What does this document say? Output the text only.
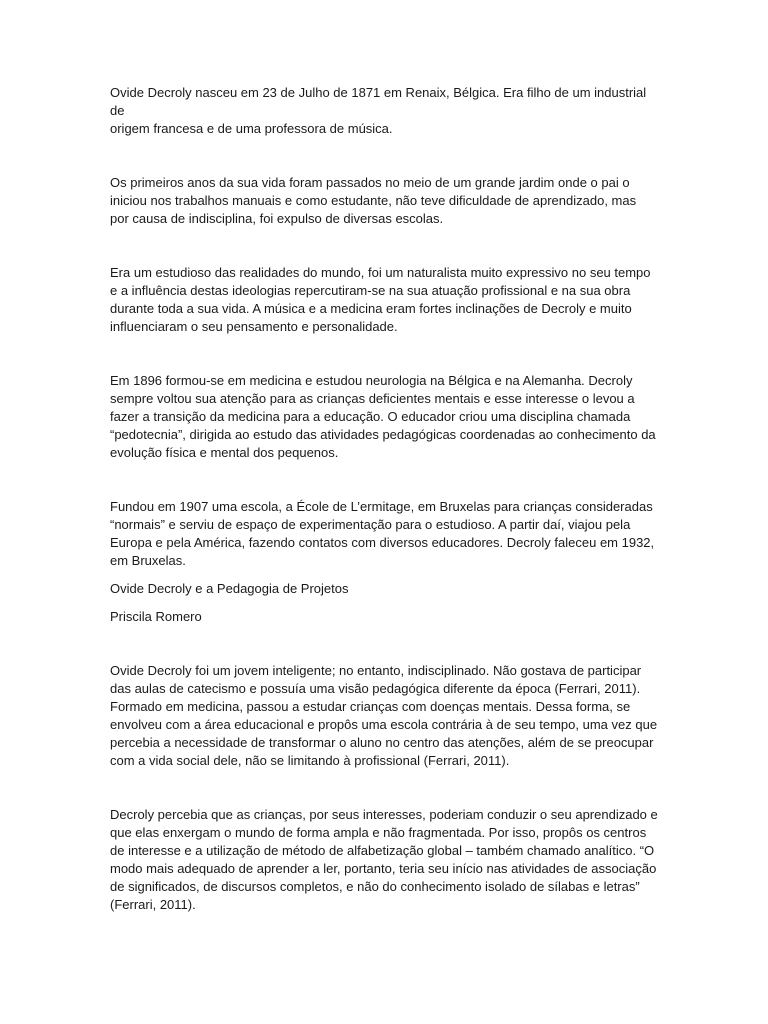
Ovide Decroly nasceu em 23 de Julho de 1871 em Renaix, Bélgica. Era filho de um industrial de
origem francesa e de uma professora de música.

Os primeiros anos da sua vida foram passados no meio de um grande jardim onde o pai o
iniciou nos trabalhos manuais e como estudante, não teve dificuldade de aprendizado, mas
por causa de indisciplina, foi expulso de diversas escolas.

Era um estudioso das realidades do mundo, foi um naturalista muito expressivo no seu tempo
e a influência destas ideologias repercutiram-se na sua atuação profissional e na sua obra
durante toda a sua vida. A música e a medicina eram fortes inclinações de Decroly e muito
influenciaram o seu pensamento e personalidade.

Em 1896 formou-se em medicina e estudou neurologia na Bélgica e na Alemanha. Decroly
sempre voltou sua atenção para as crianças deficientes mentais e esse interesse o levou a
fazer a transição da medicina para a educação. O educador criou uma disciplina chamada
“pedotecnia”, dirigida ao estudo das atividades pedagógicas coordenadas ao conhecimento da
evolução física e mental dos pequenos.

Fundou em 1907 uma escola, a École de L’ermitage, em Bruxelas para crianças consideradas
“normais” e serviu de espaço de experimentação para o estudioso. A partir daí, viajou pela
Europa e pela América, fazendo contatos com diversos educadores. Decroly faleceu em 1932,
em Bruxelas.

Ovide Decroly e a Pedagogia de Projetos

Priscila Romero

Ovide Decroly foi um jovem inteligente; no entanto, indisciplinado. Não gostava de participar
das aulas de catecismo e possuía uma visão pedagógica diferente da época (Ferrari, 2011).
Formado em medicina, passou a estudar crianças com doenças mentais. Dessa forma, se
envolveu com a área educacional e propôs uma escola contrária à de seu tempo, uma vez que
percebia a necessidade de transformar o aluno no centro das atenções, além de se preocupar
com a vida social dele, não se limitando à profissional (Ferrari, 2011).

Decroly percebia que as crianças, por seus interesses, poderiam conduzir o seu aprendizado e
que elas enxergam o mundo de forma ampla e não fragmentada. Por isso, propôs os centros
de interesse e a utilização de método de alfabetização global – também chamado analítico. “O
modo mais adequado de aprender a ler, portanto, teria seu início nas atividades de associação
de significados, de discursos completos, e não do conhecimento isolado de sílabas e letras”
(Ferrari, 2011).
